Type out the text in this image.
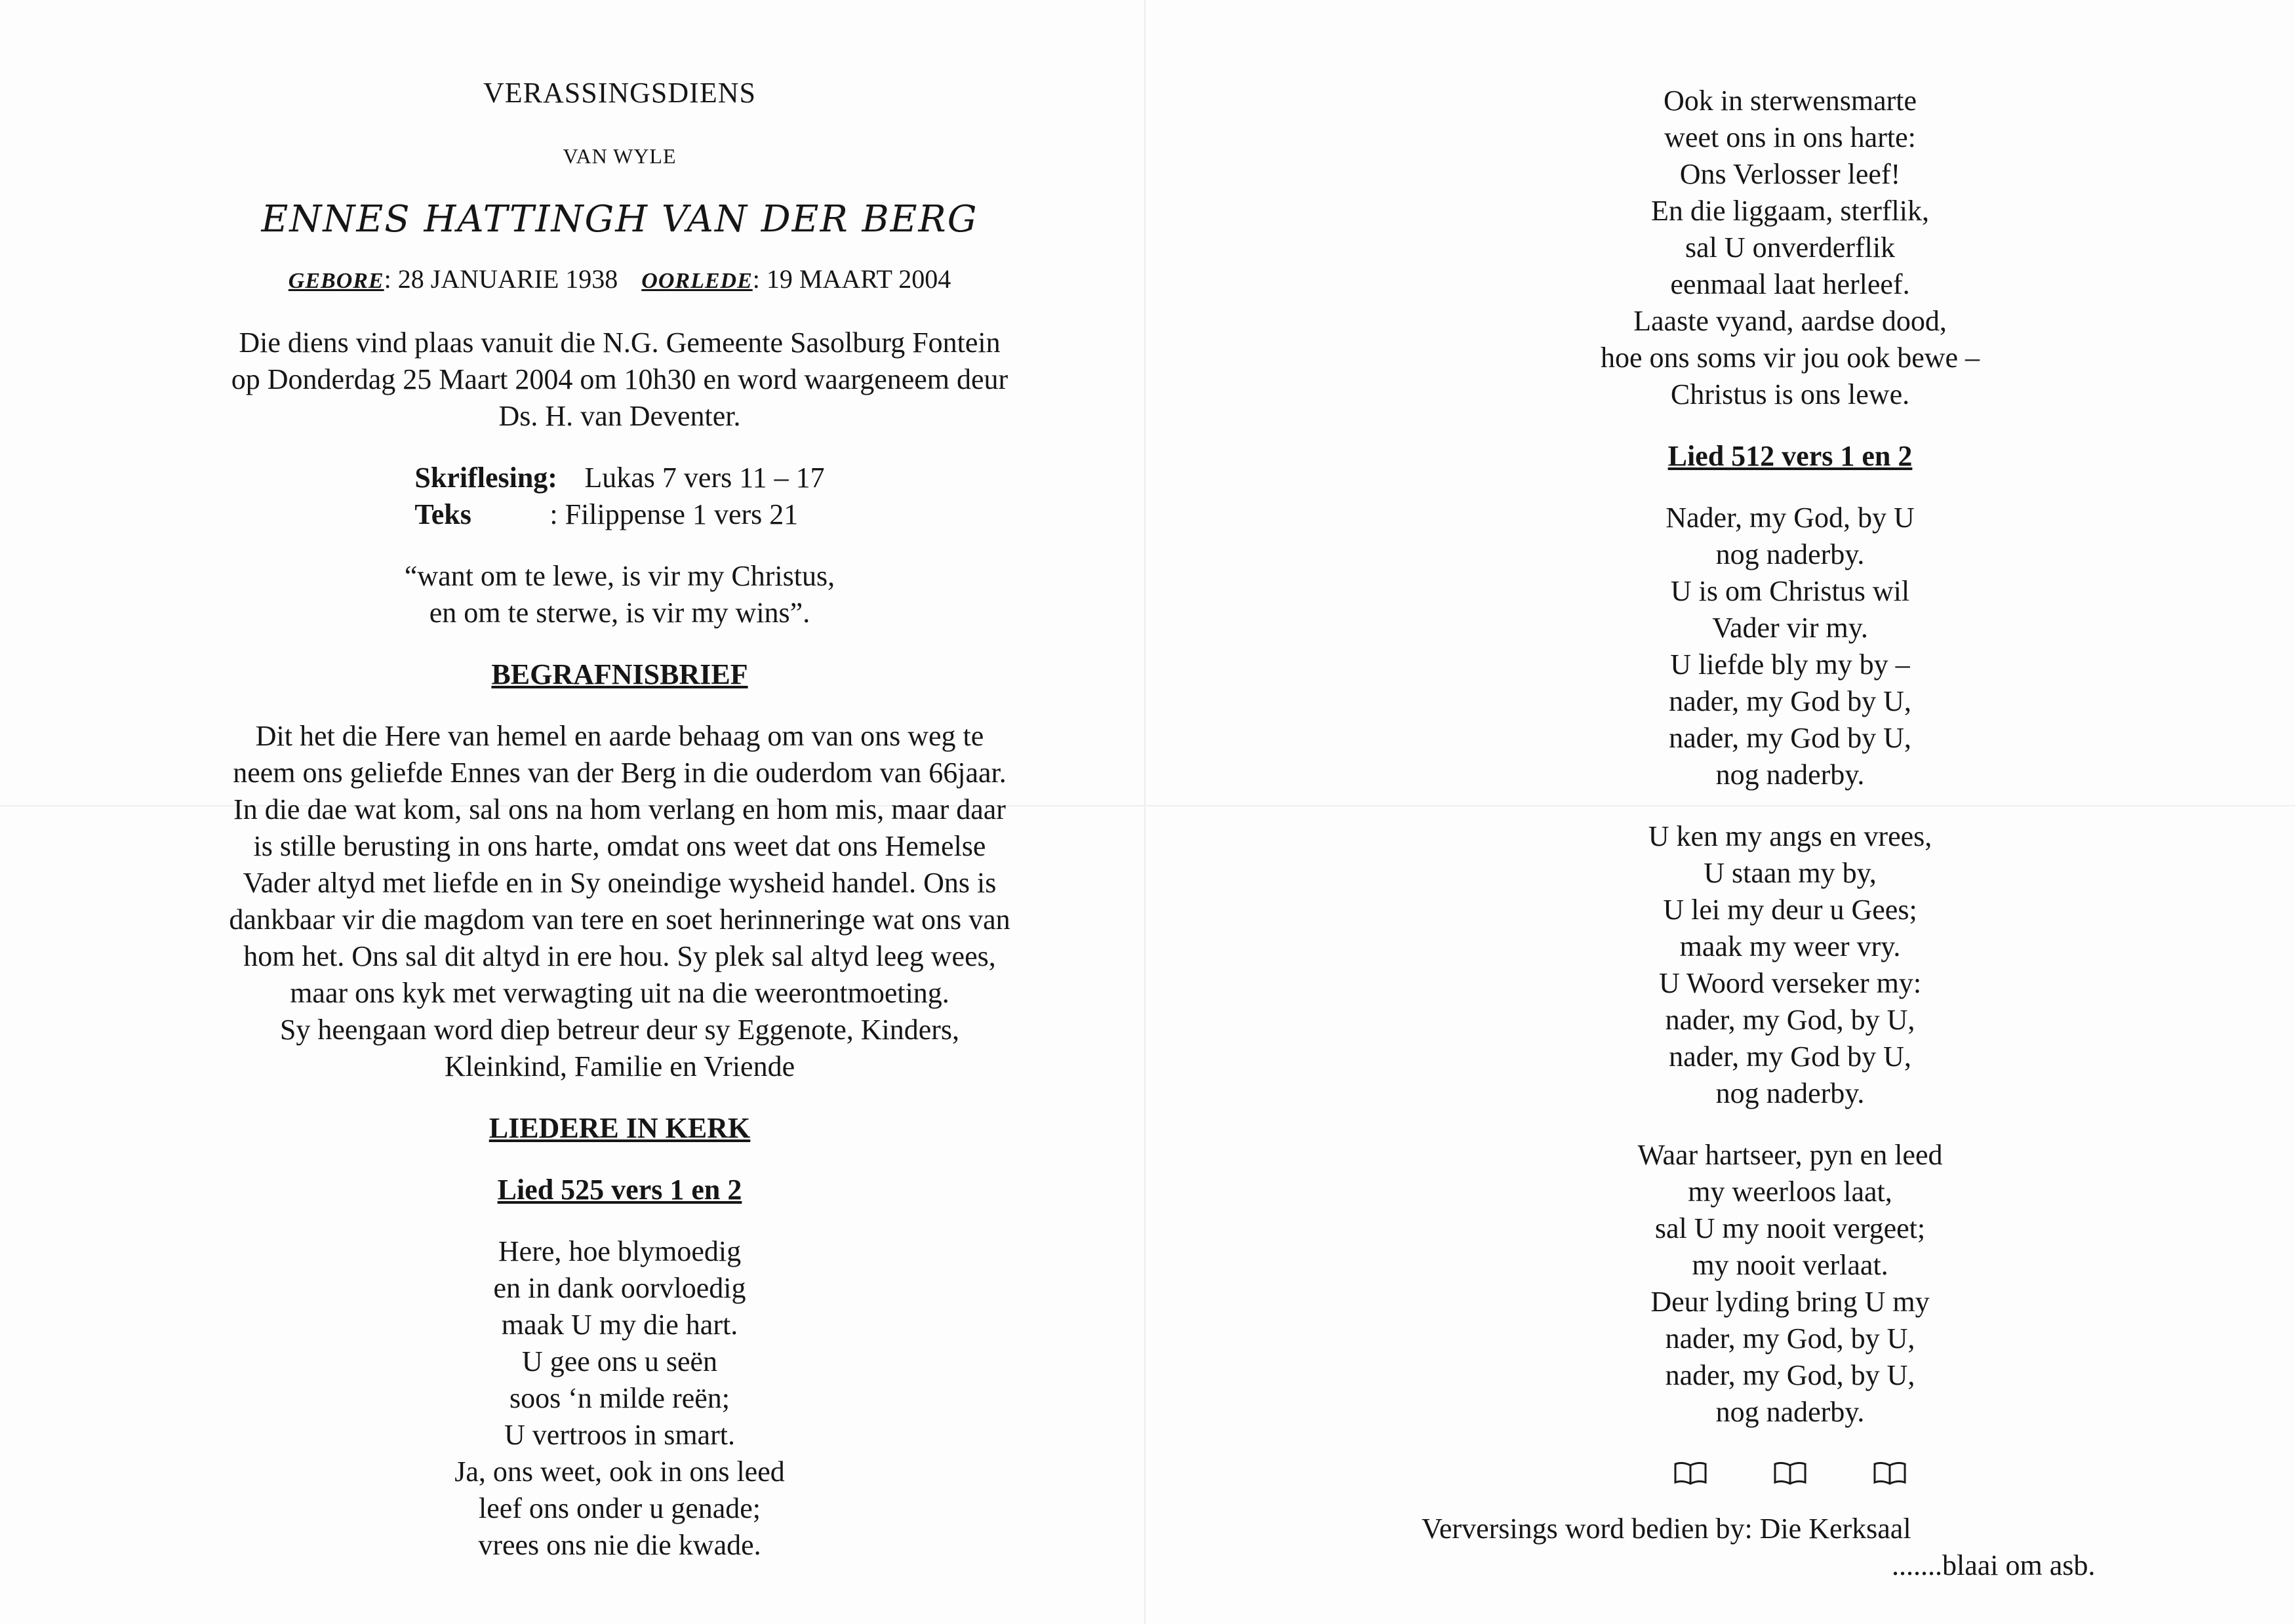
VERASSINGSDIENS
VAN WYLE
ENNES HATTINGH VAN DER BERG
GEBORE: 28 JANUARIE 1938 OORLEDE: 19 MAART 2004
Die diens vind plaas vanuit die N.G. Gemeente Sasolburg Fontein
op Donderdag 25 Maart 2004 om 10h30 en word waargeneem deur
Ds. H. van Deventer.
Skriflesing: Lukas 7 vers 11 – 17
Teks	: Filippense 1 vers 21
“want om te lewe, is vir my Christus,
en om te sterwe, is vir my wins”.
BEGRAFNISBRIEF
Dit het die Here van hemel en aarde behaag om van ons weg te
neem ons geliefde Ennes van der Berg in die ouderdom van 66jaar.
In die dae wat kom, sal ons na hom verlang en hom mis, maar daar
is stille berusting in ons harte, omdat ons weet dat ons Hemelse
Vader altyd met liefde en in Sy oneindige wysheid handel. Ons is
dankbaar vir die magdom van tere en soet herinneringe wat ons van
hom het. Ons sal dit altyd in ere hou. Sy plek sal altyd leeg wees,
maar ons kyk met verwagting uit na die weerontmoeting.
Sy heengaan word diep betreur deur sy Eggenote, Kinders,
Kleinkind, Familie en Vriende
LIEDERE IN KERK
Lied 525 vers 1 en 2
Here, hoe blymoedig
en in dank oorvloedig
maak U my die hart.
U gee ons u seën
soos ‘n milde reën;
U vertroos in smart.
Ja, ons weet, ook in ons leed
leef ons onder u genade;
vrees ons nie die kwade.
Ook in sterwensmarte
weet ons in ons harte:
Ons Verlosser leef!
En die liggaam, sterflik,
sal U onverderflik
eenmaal laat herleef.
Laaste vyand, aardse dood,
hoe ons soms vir jou ook bewe –
Christus is ons lewe.
Lied 512 vers 1 en 2
Nader, my God, by U
nog naderby.
U is om Christus wil
Vader vir my.
U liefde bly my by –
nader, my God by U,
nader, my God by U,
nog naderby.
U ken my angs en vrees,
U staan my by,
U lei my deur u Gees;
maak my weer vry.
U Woord verseker my:
nader, my God, by U,
nader, my God by U,
nog naderby.
Waar hartseer, pyn en leed
my weerloos laat,
sal U my nooit vergeet;
my nooit verlaat.
Deur lyding bring U my
nader, my God, by U,
nader, my God, by U,
nog naderby.

Verversings word bedien by: Die Kerksaal
.......blaai om asb.
